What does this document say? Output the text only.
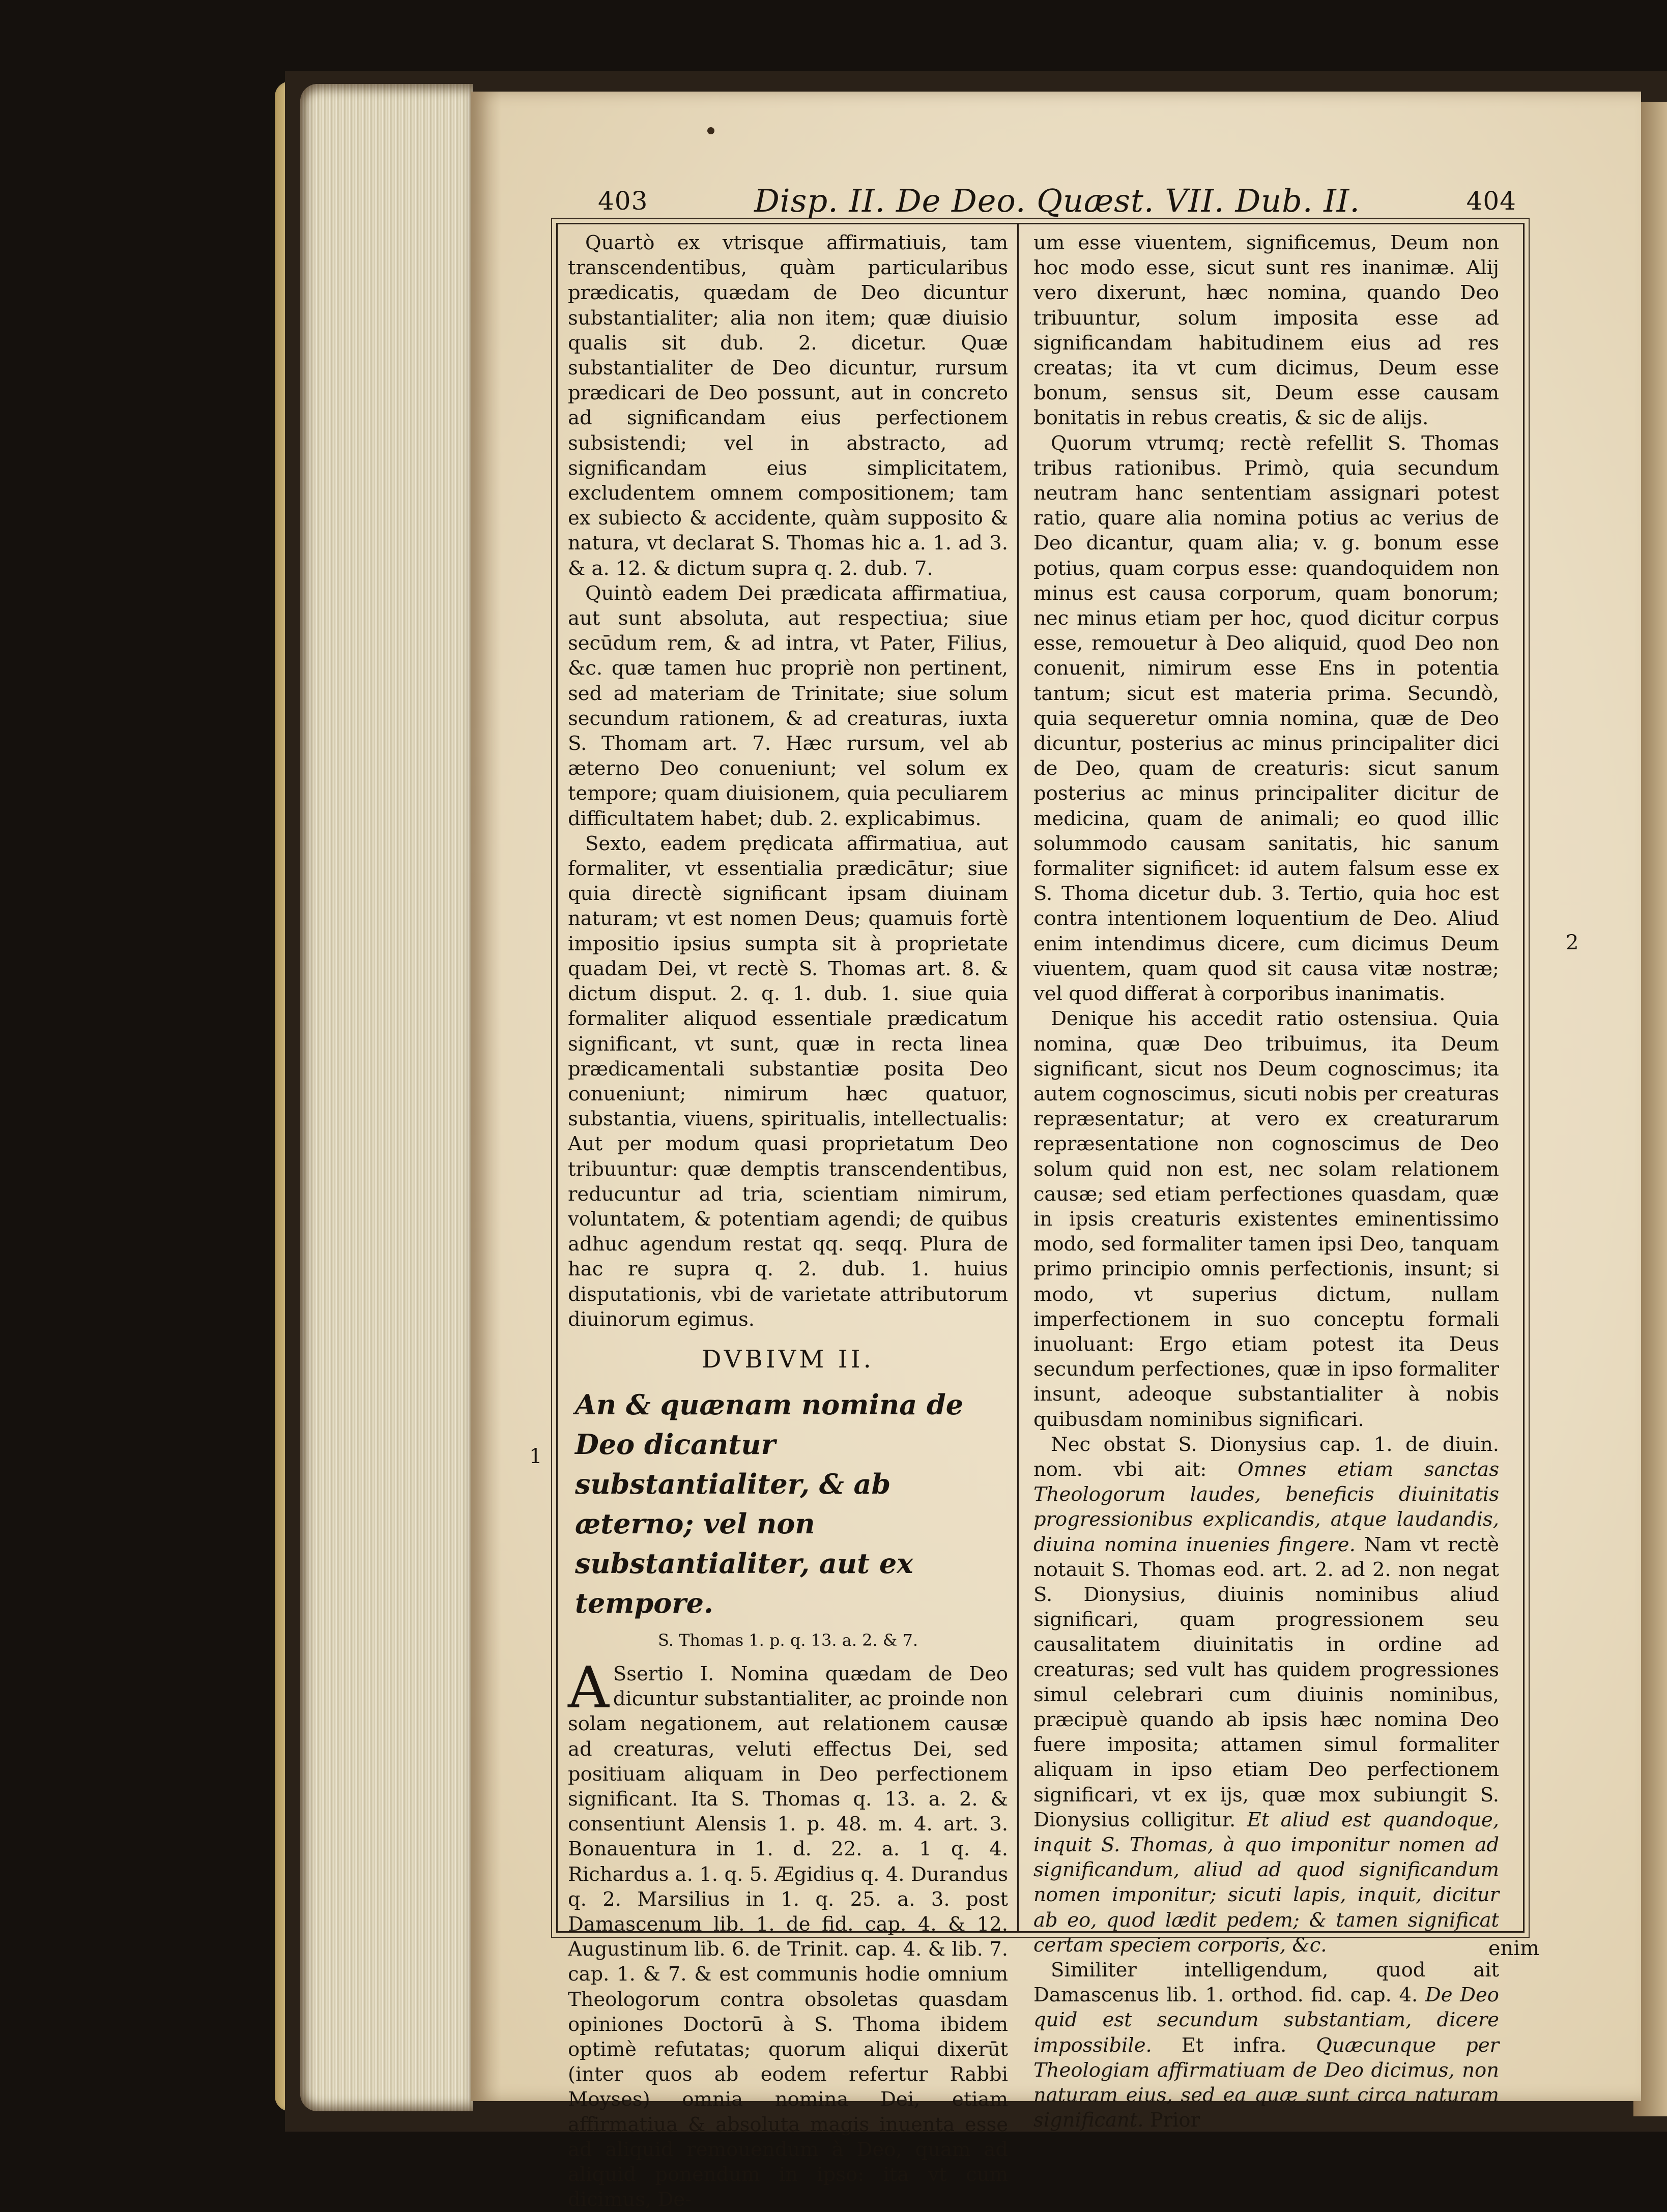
403	Disp. II. De Deo. Quæst. VII. Dub. II.	404

Quartò ex vtrisque affirmatiuis, tam transcendentibus, quàm particularibus prædicatis, quædam de Deo dicuntur substantialiter; alia non item; quæ diuisio qualis sit dub. 2. dicetur. Quæ substantialiter de Deo dicuntur, rursum prædicari de Deo possunt, aut in concreto ad significandam eius perfectionem subsistendi; vel in abstracto, ad significandam eius simplicitatem, excludentem omnem compositionem; tam ex subiecto & accidente, quàm supposito & natura, vt declarat S. Thomas hic a. 1. ad 3. & a. 12. & dictum supra q. 2. dub. 7.

Quintò eadem Dei prædicata affirmatiua, aut sunt absoluta, aut respectiua; siue secūdum rem, & ad intra, vt Pater, Filius, &c. quæ tamen huc propriè non pertinent, sed ad materiam de Trinitate; siue solum secundum rationem, & ad creaturas, iuxta S. Thomam art. 7. Hæc rursum, vel ab æterno Deo conueniunt; vel solum ex tempore; quam diuisionem, quia peculiarem difficultatem habet; dub. 2. explicabimus.

Sexto, eadem prędicata affirmatiua, aut formaliter, vt essentialia prædicātur; siue quia directè significant ipsam diuinam naturam; vt est nomen Deus; quamuis fortè impositio ipsius sumpta sit à proprietate quadam Dei, vt rectè S. Thomas art. 8. & dictum disput. 2. q. 1. dub. 1. siue quia formaliter aliquod essentiale prædicatum significant, vt sunt, quæ in recta linea prædicamentali substantiæ posita Deo conueniunt; nimirum hæc quatuor, substantia, viuens, spiritualis, intellectualis: Aut per modum quasi proprietatum Deo tribuuntur: quæ demptis transcendentibus, reducuntur ad tria, scientiam nimirum, voluntatem, & potentiam agendi; de quibus adhuc agendum restat qq. seqq. Plura de hac re supra q. 2. dub. 1. huius disputationis, vbi de varietate attributorum diuinorum egimus.

DVBIVM II.
An & quænam nomina de Deo dicantur substantialiter, & ab æterno; vel non substantialiter, aut ex tempore.
S. Thomas 1. p. q. 13. a. 2. & 7.

A Ssertio I. Nomina quædam de Deo dicuntur substantialiter, ac proinde non solam negationem, aut relationem causæ ad creaturas, veluti effectus Dei, sed positiuam aliquam in Deo perfectionem significant. Ita S. Thomas q. 13. a. 2. & consentiunt Alensis 1. p. 48. m. 4. art. 3. Bonauentura in 1. d. 22. a. 1 q. 4. Richardus a. 1. q. 5. Ægidius q. 4. Durandus q. 2. Marsilius in 1. q. 25. a. 3. post Damascenum lib. 1. de fid. cap. 4. & 12. Augustinum lib. 6. de Trinit. cap. 4. & lib. 7. cap. 1. & 7. & est communis hodie omnium Theologorum contra obsoletas quasdam opiniones Doctorū à S. Thoma ibidem optimè refutatas; quorum aliqui dixerūt (inter quos ab eodem refertur Rabbi Moyses) omnia nomina Dei, etiam affirmatiua & absoluta magis inuenta esse ad aliquid remouendum à Deo, quam ad aliquid ponendum in ipso: ita vt cum dicimus, De-

um esse viuentem, significemus, Deum non hoc modo esse, sicut sunt res inanimæ. Alij vero dixerunt, hæc nomina, quando Deo tribuuntur, solum imposita esse ad significandam habitudinem eius ad res creatas; ita vt cum dicimus, Deum esse bonum, sensus sit, Deum esse causam bonitatis in rebus creatis, & sic de alijs.

Quorum vtrumq; rectè refellit S. Thomas tribus rationibus. Primò, quia secundum neutram hanc sententiam assignari potest ratio, quare alia nomina potius ac verius de Deo dicantur, quam alia; v. g. bonum esse potius, quam corpus esse: quandoquidem non minus est causa corporum, quam bonorum; nec minus etiam per hoc, quod dicitur corpus esse, remouetur à Deo aliquid, quod Deo non conuenit, nimirum esse Ens in potentia tantum; sicut est materia prima. Secundò, quia sequeretur omnia nomina, quæ de Deo dicuntur, posterius ac minus principaliter dici de Deo, quam de creaturis: sicut sanum posterius ac minus principaliter dicitur de medicina, quam de animali; eo quod illic solummodo causam sanitatis, hic sanum formaliter significet: id autem falsum esse ex S. Thoma dicetur dub. 3. Tertio, quia hoc est contra intentionem loquentium de Deo. Aliud enim intendimus dicere, cum dicimus Deum viuentem, quam quod sit causa vitæ nostræ; vel quod differat à corporibus inanimatis.

Denique his accedit ratio ostensiua. Quia nomina, quæ Deo tribuimus, ita Deum significant, sicut nos Deum cognoscimus; ita autem cognoscimus, sicuti nobis per creaturas repræsentatur; at vero ex creaturarum repræsentatione non cognoscimus de Deo solum quid non est, nec solam relationem causæ; sed etiam perfectiones quasdam, quæ in ipsis creaturis existentes eminentissimo modo, sed formaliter tamen ipsi Deo, tanquam primo principio omnis perfectionis, insunt; si modo, vt superius dictum, nullam imperfectionem in suo conceptu formali inuoluant: Ergo etiam potest ita Deus secundum perfectiones, quæ in ipso formaliter insunt, adeoque substantialiter à nobis quibusdam nominibus significari.

Nec obstat S. Dionysius cap. 1. de diuin. nom. vbi ait: Omnes etiam sanctas Theologorum laudes, beneficis diuinitatis progressionibus explicandis, atque laudandis, diuina nomina inuenies fingere. Nam vt rectè notauit S. Thomas eod. art. 2. ad 2. non negat S. Dionysius, diuinis nominibus aliud significari, quam progressionem seu causalitatem diuinitatis in ordine ad creaturas; sed vult has quidem progressiones simul celebrari cum diuinis nominibus, præcipuè quando ab ipsis hæc nomina Deo fuere imposita; attamen simul formaliter aliquam in ipso etiam Deo perfectionem significari, vt ex ijs, quæ mox subiungit S. Dionysius colligitur. Et aliud est quandoque, inquit S. Thomas, à quo imponitur nomen ad significandum, aliud ad quod significandum nomen imponitur; sicuti lapis, inquit, dicitur ab eo, quod lædit pedem; & tamen significat certam speciem corporis, &c.

Similiter intelligendum, quod ait Damascenus lib. 1. orthod. fid. cap. 4. De Deo quid est secundum substantiam, dicere impossibile. Et infra. Quæcunque per Theologiam affirmatiuam de Deo dicimus, non naturam eius, sed ea quæ sunt circa naturam significant. Prior

enim
1
2
